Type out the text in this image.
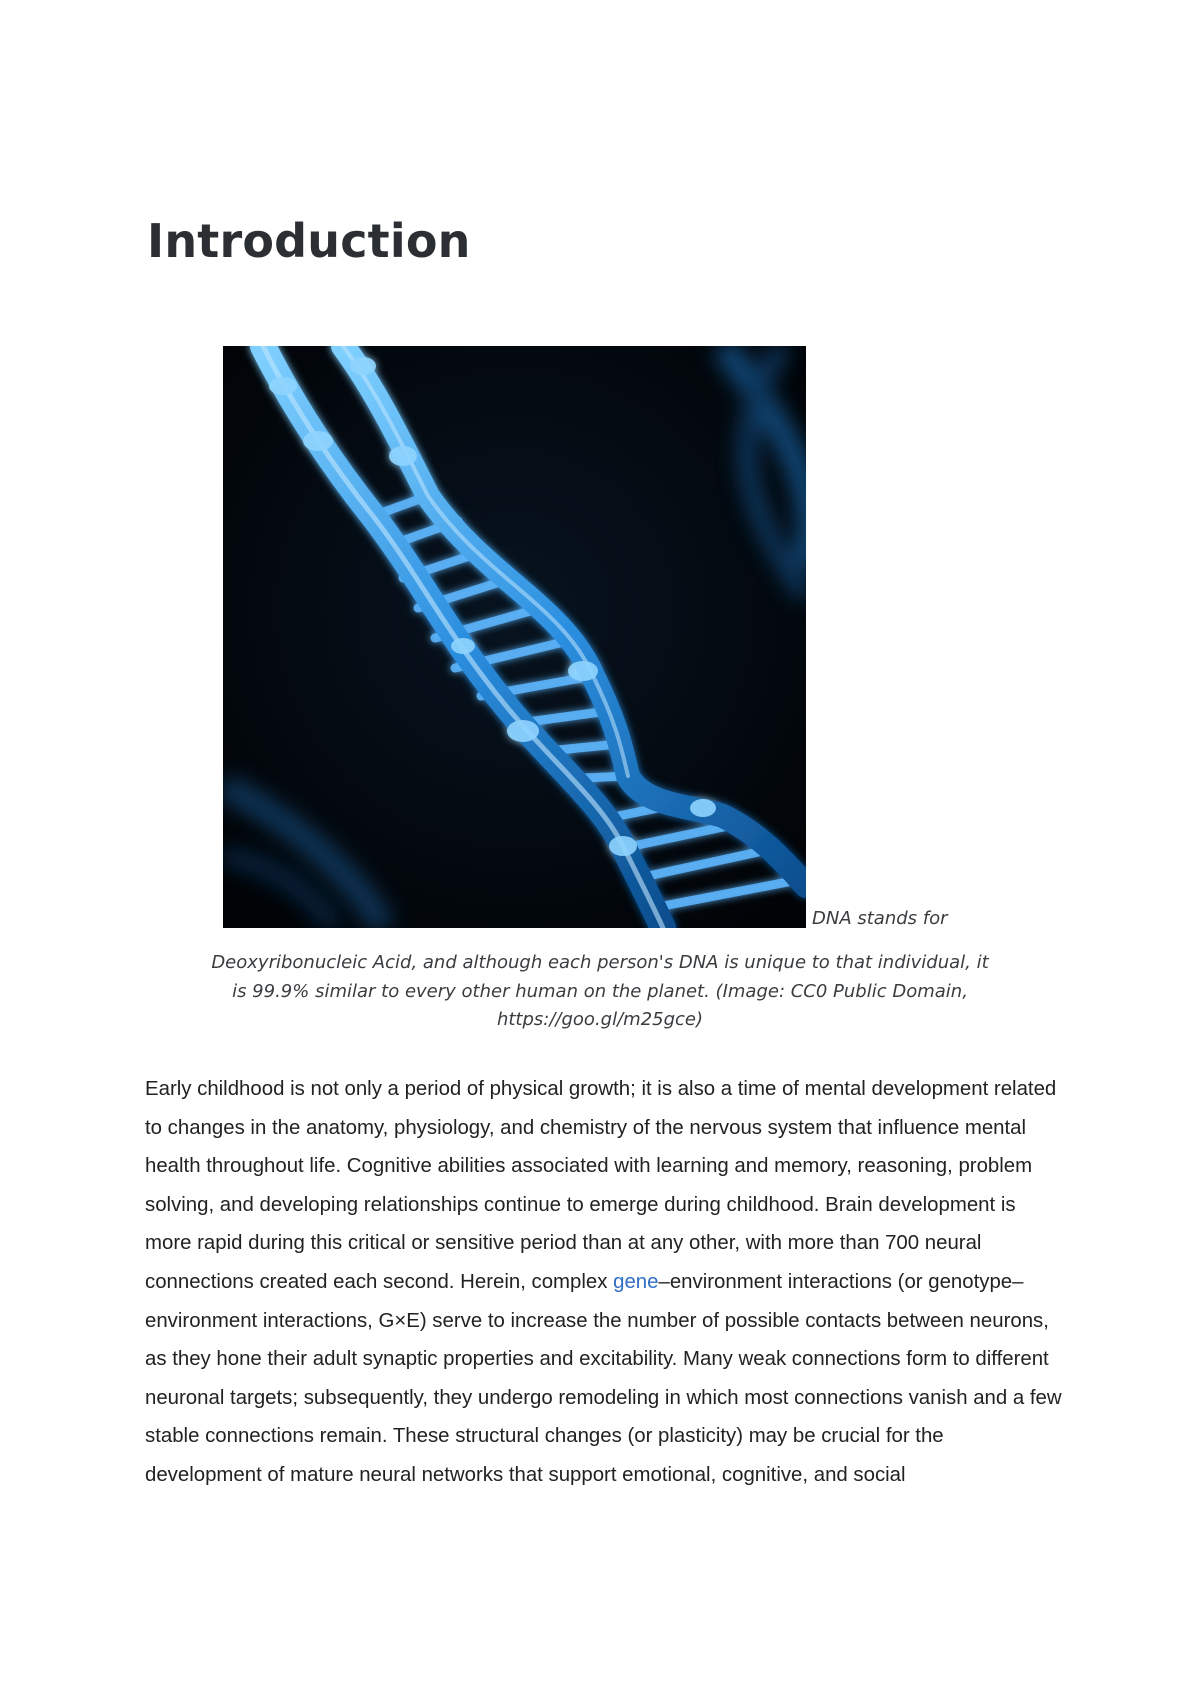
Introduction

DNA stands for

Deoxyribonucleic Acid, and although each person's DNA is unique to that individual, it
is 99.9% similar to every other human on the planet. (Image: CC0 Public Domain,
https://goo.gl/m25gce)

Early childhood is not only a period of physical growth; it is also a time of mental development related to changes in the anatomy, physiology, and chemistry of the nervous system that influence mental health throughout life. Cognitive abilities associated with learning and memory, reasoning, problem solving, and developing relationships continue to emerge during childhood. Brain development is more rapid during this critical or sensitive period than at any other, with more than 700 neural connections created each second. Herein, complex gene–environment interactions (or genotype–environment interactions, G×E) serve to increase the number of possible contacts between neurons, as they hone their adult synaptic properties and excitability. Many weak connections form to different neuronal targets; subsequently, they undergo remodeling in which most connections vanish and a few stable connections remain. These structural changes (or plasticity) may be crucial for the development of mature neural networks that support emotional, cognitive, and social
